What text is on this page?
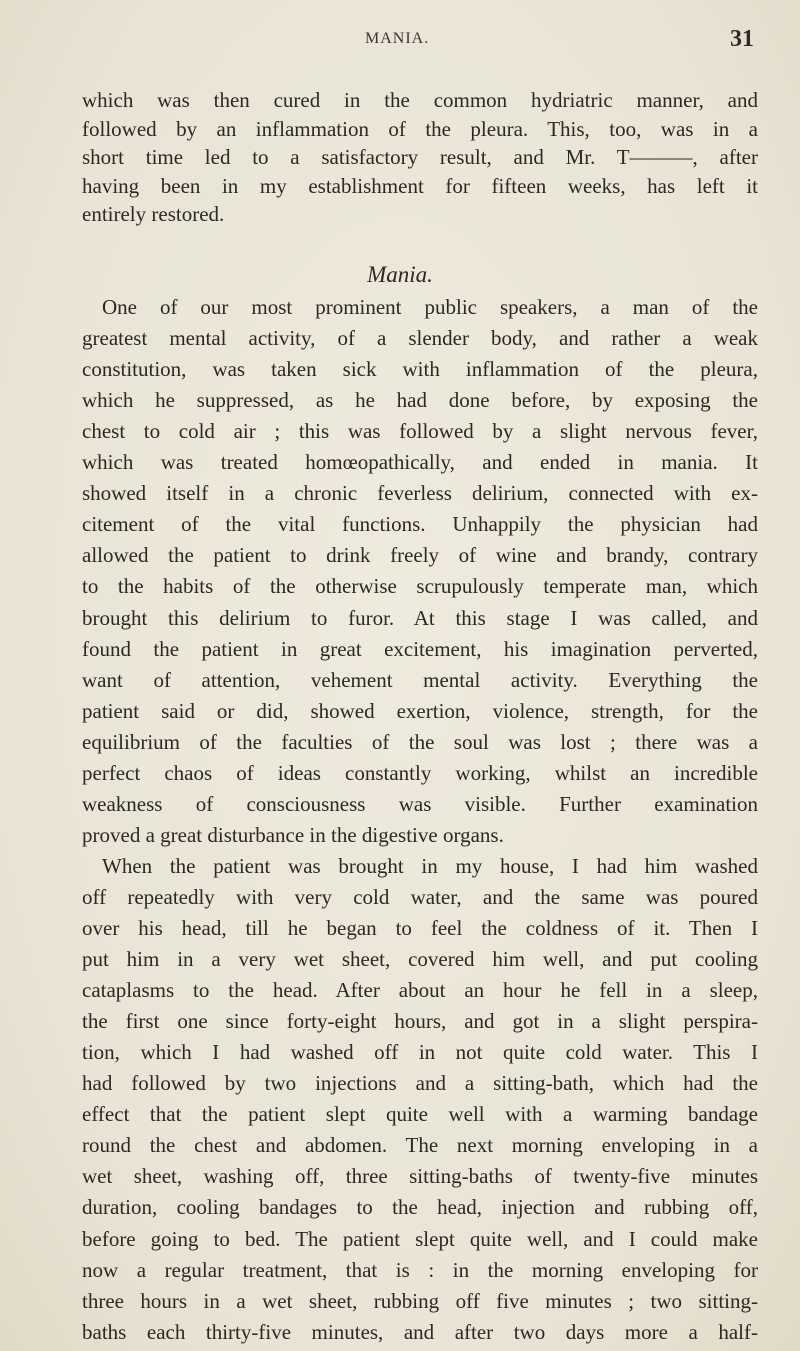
MANIA.	31
Mania.
which was then cured in the common hydriatric manner, and
followed by an inflammation of the pleura. This, too, was in a
short time led to a satisfactory result, and Mr. T———, after
having been in my establishment for fifteen weeks, has left it
entirely restored.
One of our most prominent public speakers, a man of the
greatest mental activity, of a slender body, and rather a weak
constitution, was taken sick with inflammation of the pleura,
which he suppressed, as he had done before, by exposing the
chest to cold air ; this was followed by a slight nervous fever,
which was treated homœopathically, and ended in mania. It
showed itself in a chronic feverless delirium, connected with ex-
citement of the vital functions. Unhappily the physician had
allowed the patient to drink freely of wine and brandy, contrary
to the habits of the otherwise scrupulously temperate man, which
brought this delirium to furor. At this stage I was called, and
found the patient in great excitement, his imagination perverted,
want of attention, vehement mental activity. Everything the
patient said or did, showed exertion, violence, strength, for the
equilibrium of the faculties of the soul was lost ; there was a
perfect chaos of ideas constantly working, whilst an incredible
weakness of consciousness was visible. Further examination
proved a great disturbance in the digestive organs.
When the patient was brought in my house, I had him washed
off repeatedly with very cold water, and the same was poured
over his head, till he began to feel the coldness of it. Then I
put him in a very wet sheet, covered him well, and put cooling
cataplasms to the head. After about an hour he fell in a sleep,
the first one since forty-eight hours, and got in a slight perspira-
tion, which I had washed off in not quite cold water. This I
had followed by two injections and a sitting-bath, which had the
effect that the patient slept quite well with a warming bandage
round the chest and abdomen. The next morning enveloping in a
wet sheet, washing off, three sitting-baths of twenty-five minutes
duration, cooling bandages to the head, injection and rubbing off,
before going to bed. The patient slept quite well, and I could make
now a regular treatment, that is : in the morning enveloping for
three hours in a wet sheet, rubbing off five minutes ; two sitting-
baths each thirty-five minutes, and after two days more a half-
